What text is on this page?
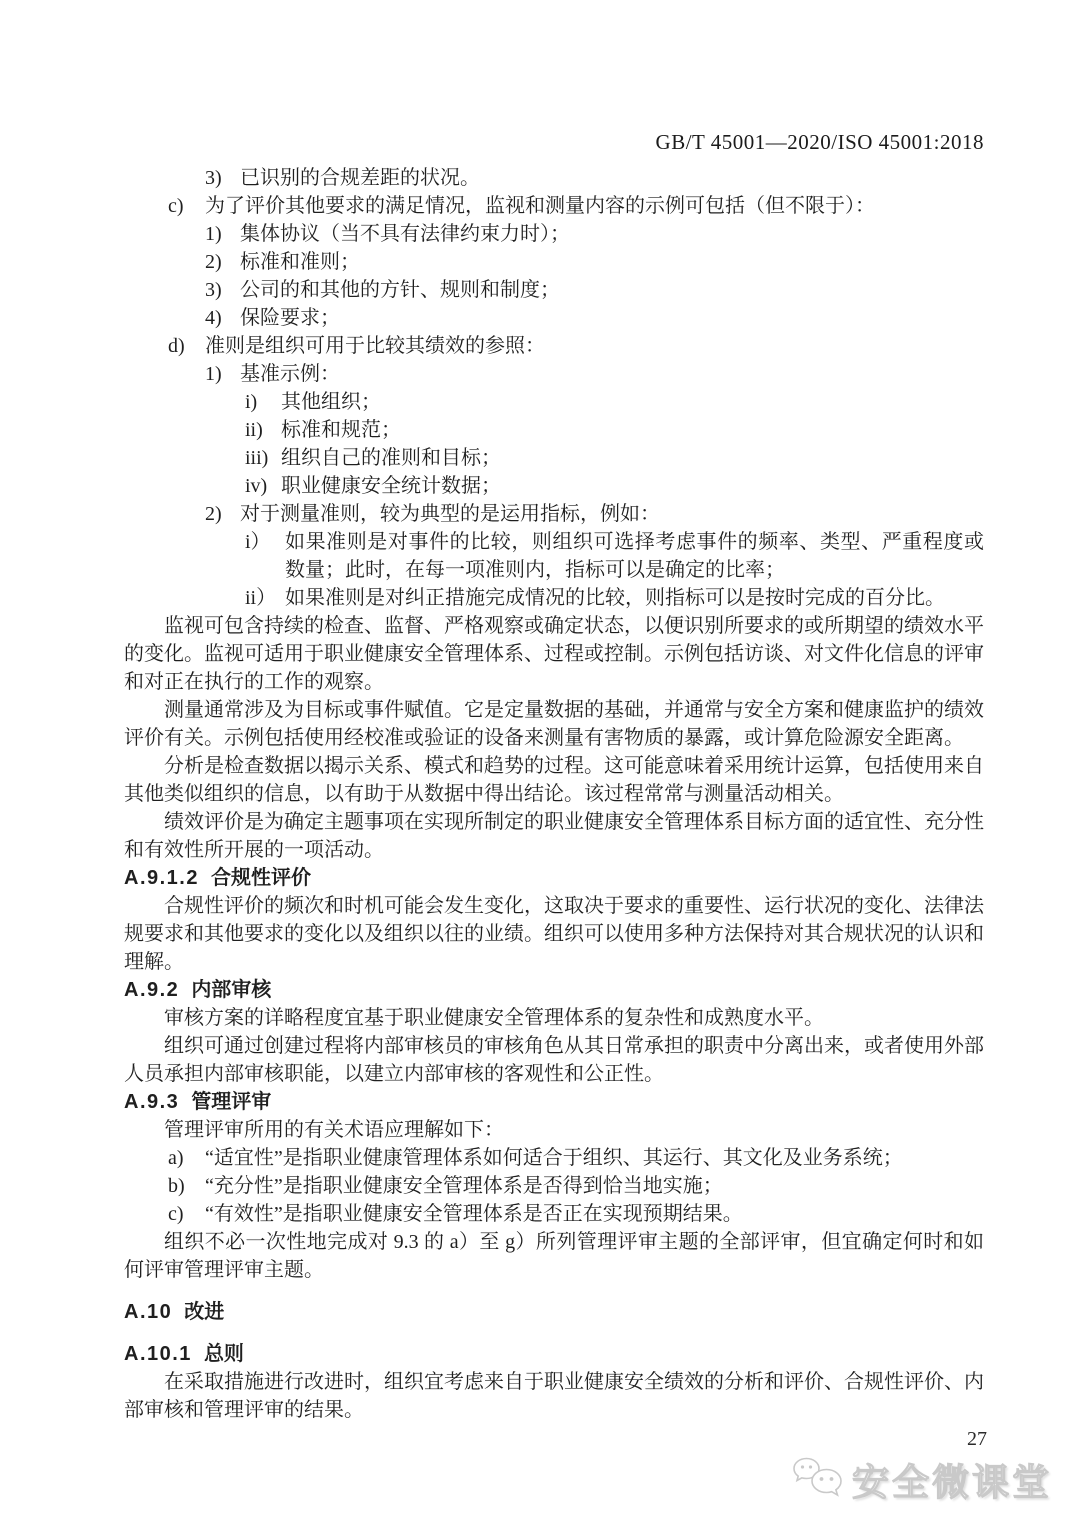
GB/T 45001—2020/ISO 45001:2018
3) 已识别的合规差距的状况。
c)	为了评价其他要求的满足情况，监视和测量内容的示例可包括（但不限于）：
1) 集体协议（当不具有法律约束力时）；
2) 标准和准则；
3) 公司的和其他的方针、规则和制度；
4) 保险要求；
d)	准则是组织可用于比较其绩效的参照：
1) 基准示例：
i)	其他组织；
ii) 标准和规范；
iii) 组织自己的准则和目标；
iv) 职业健康安全统计数据；
2) 对于测量准则，较为典型的是运用指标，例如：
i） 如果准则是对事件的比较，则组织可选择考虑事件的频率、类型、严重程度或数量；此时，在每一项准则内，指标可以是确定的比率；
ii） 如果准则是对纠正措施完成情况的比较，则指标可以是按时完成的百分比。

监视可包含持续的检查、监督、严格观察或确定状态，以便识别所要求的或所期望的绩效水平的变化。监视可适用于职业健康安全管理体系、过程或控制。示例包括访谈、对文件化信息的评审和对正在执行的工作的观察。

测量通常涉及为目标或事件赋值。它是定量数据的基础，并通常与安全方案和健康监护的绩效评价有关。示例包括使用经校准或验证的设备来测量有害物质的暴露，或计算危险源安全距离。

分析是检查数据以揭示关系、模式和趋势的过程。这可能意味着采用统计运算，包括使用来自其他类似组织的信息，以有助于从数据中得出结论。该过程常常与测量活动相关。

绩效评价是为确定主题事项在实现所制定的职业健康安全管理体系目标方面的适宜性、充分性和有效性所开展的一项活动。

A.9.1.2 合规性评价

合规性评价的频次和时机可能会发生变化，这取决于要求的重要性、运行状况的变化、法律法规要求和其他要求的变化以及组织以往的业绩。组织可以使用多种方法保持对其合规状况的认识和理解。

A.9.2 内部审核

审核方案的详略程度宜基于职业健康安全管理体系的复杂性和成熟度水平。

组织可通过创建过程将内部审核员的审核角色从其日常承担的职责中分离出来，或者使用外部人员承担内部审核职能，以建立内部审核的客观性和公正性。

A.9.3 管理评审

管理评审所用的有关术语应理解如下：

a)	“适宜性”是指职业健康管理体系如何适合于组织、其运行、其文化及业务系统；
b)	“充分性”是指职业健康安全管理体系是否得到恰当地实施；
c)	“有效性”是指职业健康安全管理体系是否正在实现预期结果。

组织不必一次性地完成对 9.3 的 a）至 g）所列管理评审主题的全部评审，但宜确定何时和如何评审管理评审主题。

A.10 改进
A.10.1 总则

在采取措施进行改进时，组织宜考虑来自于职业健康安全绩效的分析和评价、合规性评价、内部审核和管理评审的结果。

27
安全微课堂
